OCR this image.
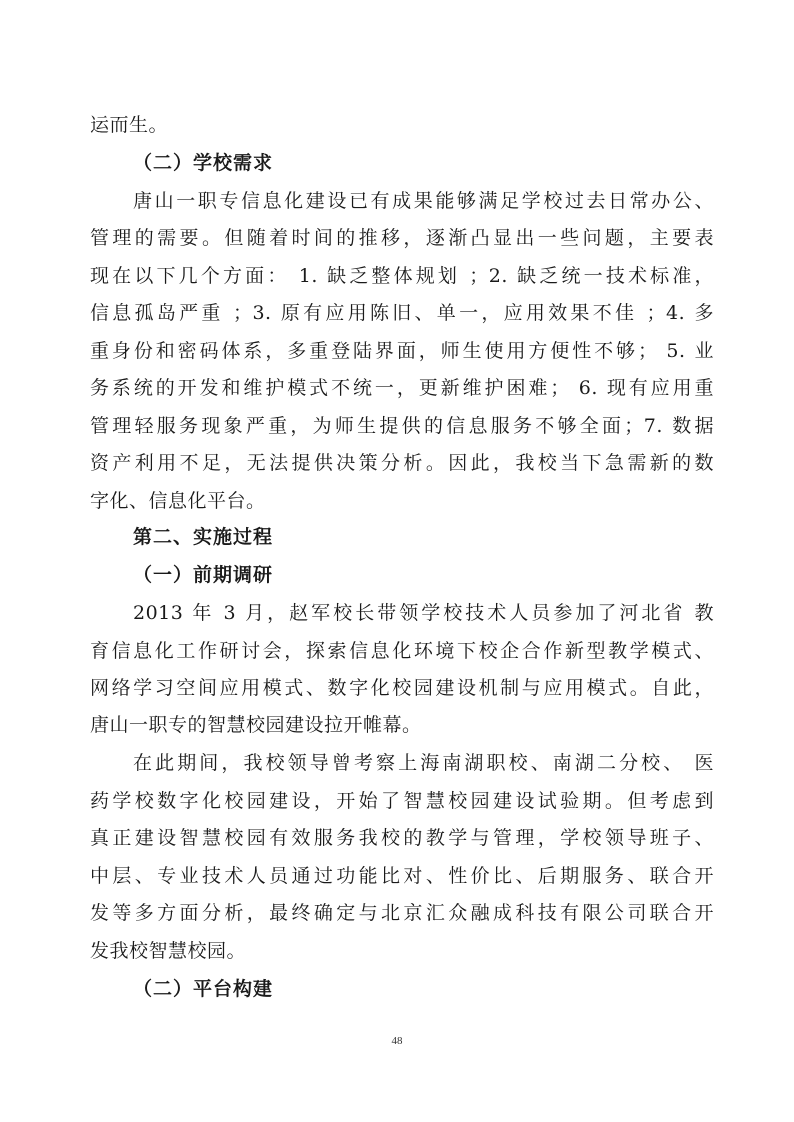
运而生。
（二）学校需求
唐山一职专信息化建设已有成果能够满足学校过去日常办公、
管理的需要。但随着时间的推移，逐渐凸显出一些问题，主要表
现在以下几个方面： 1. 缺乏整体规划 ；2. 缺乏统一技术标准，
信息孤岛严重 ；3. 原有应用陈旧、单一，应用效果不佳 ；4. 多
重身份和密码体系，多重登陆界面，师生使用方便性不够； 5. 业
务系统的开发和维护模式不统一，更新维护困难； 6. 现有应用重
管理轻服务现象严重，为师生提供的信息服务不够全面；7. 数据
资产利用不足，无法提供决策分析。因此，我校当下急需新的数
字化、信息化平台。
第二、实施过程
（一）前期调研
2013 年 3 月，赵军校长带领学校技术人员参加了河北省 教
育信息化工作研讨会，探索信息化环境下校企合作新型教学模式、
网络学习空间应用模式、数字化校园建设机制与应用模式。自此，
唐山一职专的智慧校园建设拉开帷幕。
在此期间，我校领导曾考察上海南湖职校、南湖二分校、 医
药学校数字化校园建设，开始了智慧校园建设试验期。但考虑到
真正建设智慧校园有效服务我校的教学与管理，学校领导班子、
中层、专业技术人员通过功能比对、性价比、后期服务、联合开
发等多方面分析，最终确定与北京汇众融成科技有限公司联合开
发我校智慧校园。
（二）平台构建
48
